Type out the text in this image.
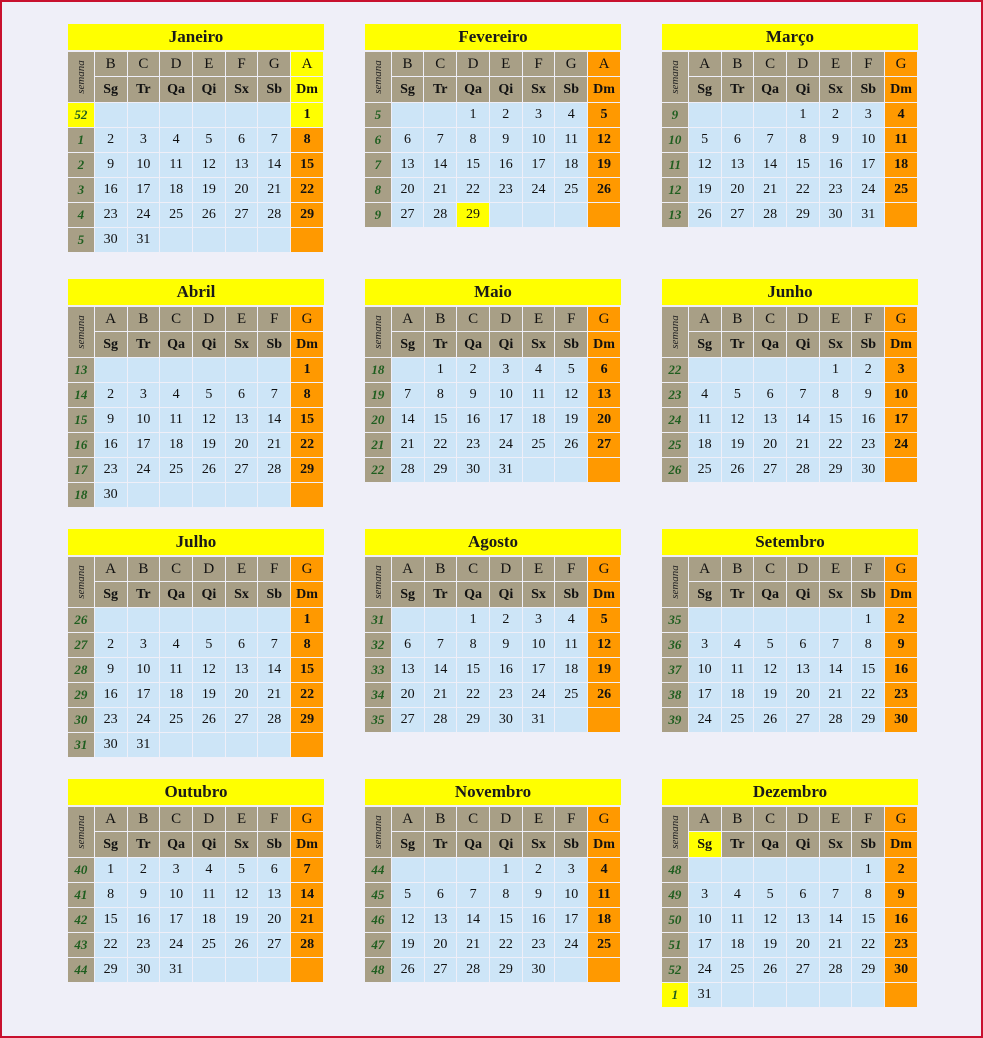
Janeiro
semana	B	C	D	E	F	G	A
	Sg	Tr	Qa	Qi	Sx	Sb	Dm
52							1
1	2	3	4	5	6	7	8
2	9	10	11	12	13	14	15
3	16	17	18	19	20	21	22
4	23	24	25	26	27	28	29
5	30	31					
Fevereiro
semana	B	C	D	E	F	G	A
	Sg	Tr	Qa	Qi	Sx	Sb	Dm
5			1	2	3	4	5
6	6	7	8	9	10	11	12
7	13	14	15	16	17	18	19
8	20	21	22	23	24	25	26
9	27	28	29				
Março
semana	A	B	C	D	E	F	G
	Sg	Tr	Qa	Qi	Sx	Sb	Dm
9				1	2	3	4
10	5	6	7	8	9	10	11
11	12	13	14	15	16	17	18
12	19	20	21	22	23	24	25
13	26	27	28	29	30	31	
Abril
semana	A	B	C	D	E	F	G
	Sg	Tr	Qa	Qi	Sx	Sb	Dm
13							1
14	2	3	4	5	6	7	8
15	9	10	11	12	13	14	15
16	16	17	18	19	20	21	22
17	23	24	25	26	27	28	29
18	30						
Maio
semana	A	B	C	D	E	F	G
	Sg	Tr	Qa	Qi	Sx	Sb	Dm
18		1	2	3	4	5	6
19	7	8	9	10	11	12	13
20	14	15	16	17	18	19	20
21	21	22	23	24	25	26	27
22	28	29	30	31			
Junho
semana	A	B	C	D	E	F	G
	Sg	Tr	Qa	Qi	Sx	Sb	Dm
22					1	2	3
23	4	5	6	7	8	9	10
24	11	12	13	14	15	16	17
25	18	19	20	21	22	23	24
26	25	26	27	28	29	30	
Julho
semana	A	B	C	D	E	F	G
	Sg	Tr	Qa	Qi	Sx	Sb	Dm
26							1
27	2	3	4	5	6	7	8
28	9	10	11	12	13	14	15
29	16	17	18	19	20	21	22
30	23	24	25	26	27	28	29
31	30	31					
Agosto
semana	A	B	C	D	E	F	G
	Sg	Tr	Qa	Qi	Sx	Sb	Dm
31			1	2	3	4	5
32	6	7	8	9	10	11	12
33	13	14	15	16	17	18	19
34	20	21	22	23	24	25	26
35	27	28	29	30	31		
Setembro
semana	A	B	C	D	E	F	G
	Sg	Tr	Qa	Qi	Sx	Sb	Dm
35						1	2
36	3	4	5	6	7	8	9
37	10	11	12	13	14	15	16
38	17	18	19	20	21	22	23
39	24	25	26	27	28	29	30
Outubro
semana	A	B	C	D	E	F	G
	Sg	Tr	Qa	Qi	Sx	Sb	Dm
40	1	2	3	4	5	6	7
41	8	9	10	11	12	13	14
42	15	16	17	18	19	20	21
43	22	23	24	25	26	27	28
44	29	30	31				
Novembro
semana	A	B	C	D	E	F	G
	Sg	Tr	Qa	Qi	Sx	Sb	Dm
44				1	2	3	4
45	5	6	7	8	9	10	11
46	12	13	14	15	16	17	18
47	19	20	21	22	23	24	25
48	26	27	28	29	30		
Dezembro
semana	A	B	C	D	E	F	G
	Sg	Tr	Qa	Qi	Sx	Sb	Dm
48						1	2
49	3	4	5	6	7	8	9
50	10	11	12	13	14	15	16
51	17	18	19	20	21	22	23
52	24	25	26	27	28	29	30
1	31						
